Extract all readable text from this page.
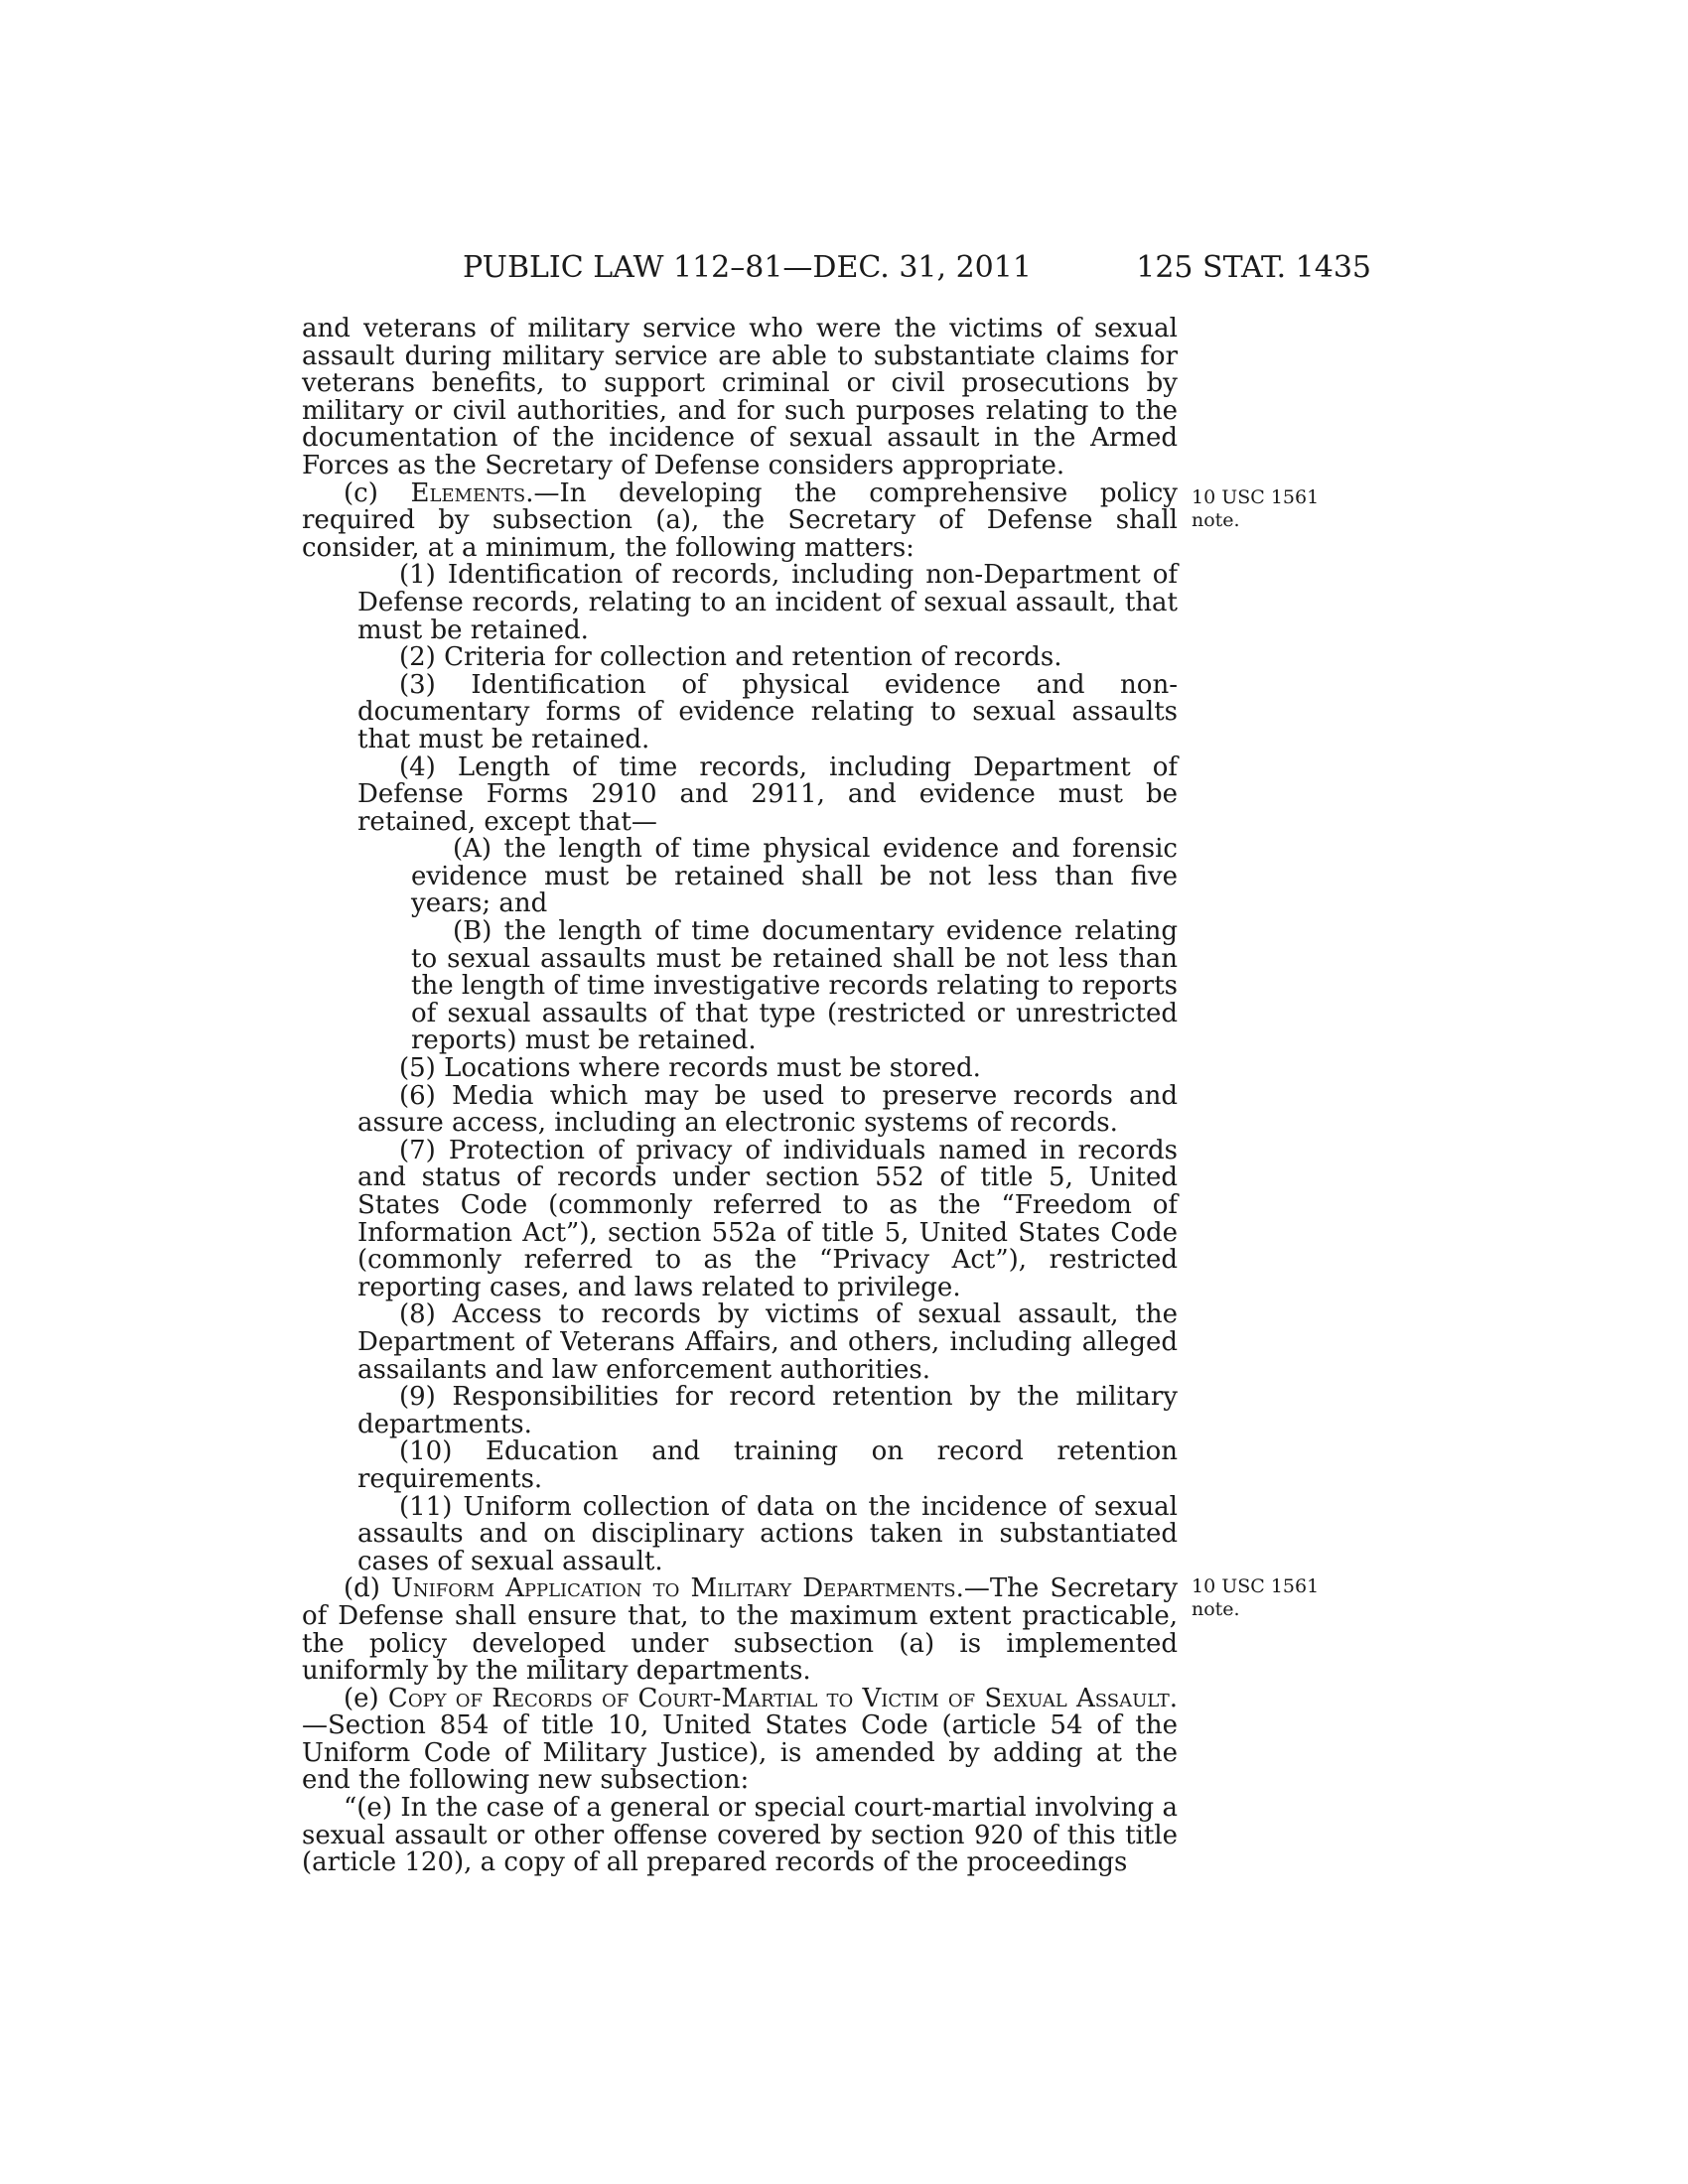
PUBLIC LAW 112–81—DEC. 31, 2011	125 STAT. 1435
10 USC 1561
note.
10 USC 1561
note.

and veterans of military service who were the victims of sexual assault during military service are able to substantiate claims for veterans benefits, to support criminal or civil prosecutions by military or civil authorities, and for such purposes relating to the documentation of the incidence of sexual assault in the Armed Forces as the Secretary of Defense considers appropriate.

(c) Elements.—In developing the comprehensive policy required by subsection (a), the Secretary of Defense shall consider, at a minimum, the following matters:

(1) Identification of records, including non-Department of Defense records, relating to an incident of sexual assault, that must be retained.

(2) Criteria for collection and retention of records.

(3) Identification of physical evidence and non-documentary forms of evidence relating to sexual assaults that must be retained.

(4) Length of time records, including Department of Defense Forms 2910 and 2911, and evidence must be retained, except that—

(A) the length of time physical evidence and forensic evidence must be retained shall be not less than five years; and

(B) the length of time documentary evidence relating to sexual assaults must be retained shall be not less than the length of time investigative records relating to reports of sexual assaults of that type (restricted or unrestricted reports) must be retained.

(5) Locations where records must be stored.

(6) Media which may be used to preserve records and assure access, including an electronic systems of records.

(7) Protection of privacy of individuals named in records and status of records under section 552 of title 5, United States Code (commonly referred to as the “Freedom of Information Act”), section 552a of title 5, United States Code (commonly referred to as the “Privacy Act”), restricted reporting cases, and laws related to privilege.

(8) Access to records by victims of sexual assault, the Department of Veterans Affairs, and others, including alleged assailants and law enforcement authorities.

(9) Responsibilities for record retention by the military departments.

(10) Education and training on record retention requirements.

(11) Uniform collection of data on the incidence of sexual assaults and on disciplinary actions taken in substantiated cases of sexual assault.

(d) Uniform Application to Military Departments.—The Secretary of Defense shall ensure that, to the maximum extent practicable, the policy developed under subsection (a) is implemented uniformly by the military departments.

(e) Copy of Records of Court-Martial to Victim of Sexual Assault.—Section 854 of title 10, United States Code (article 54 of the Uniform Code of Military Justice), is amended by adding at the end the following new subsection:

“(e) In the case of a general or special court-martial involving a sexual assault or other offense covered by section 920 of this title (article 120), a copy of all prepared records of the proceedings
